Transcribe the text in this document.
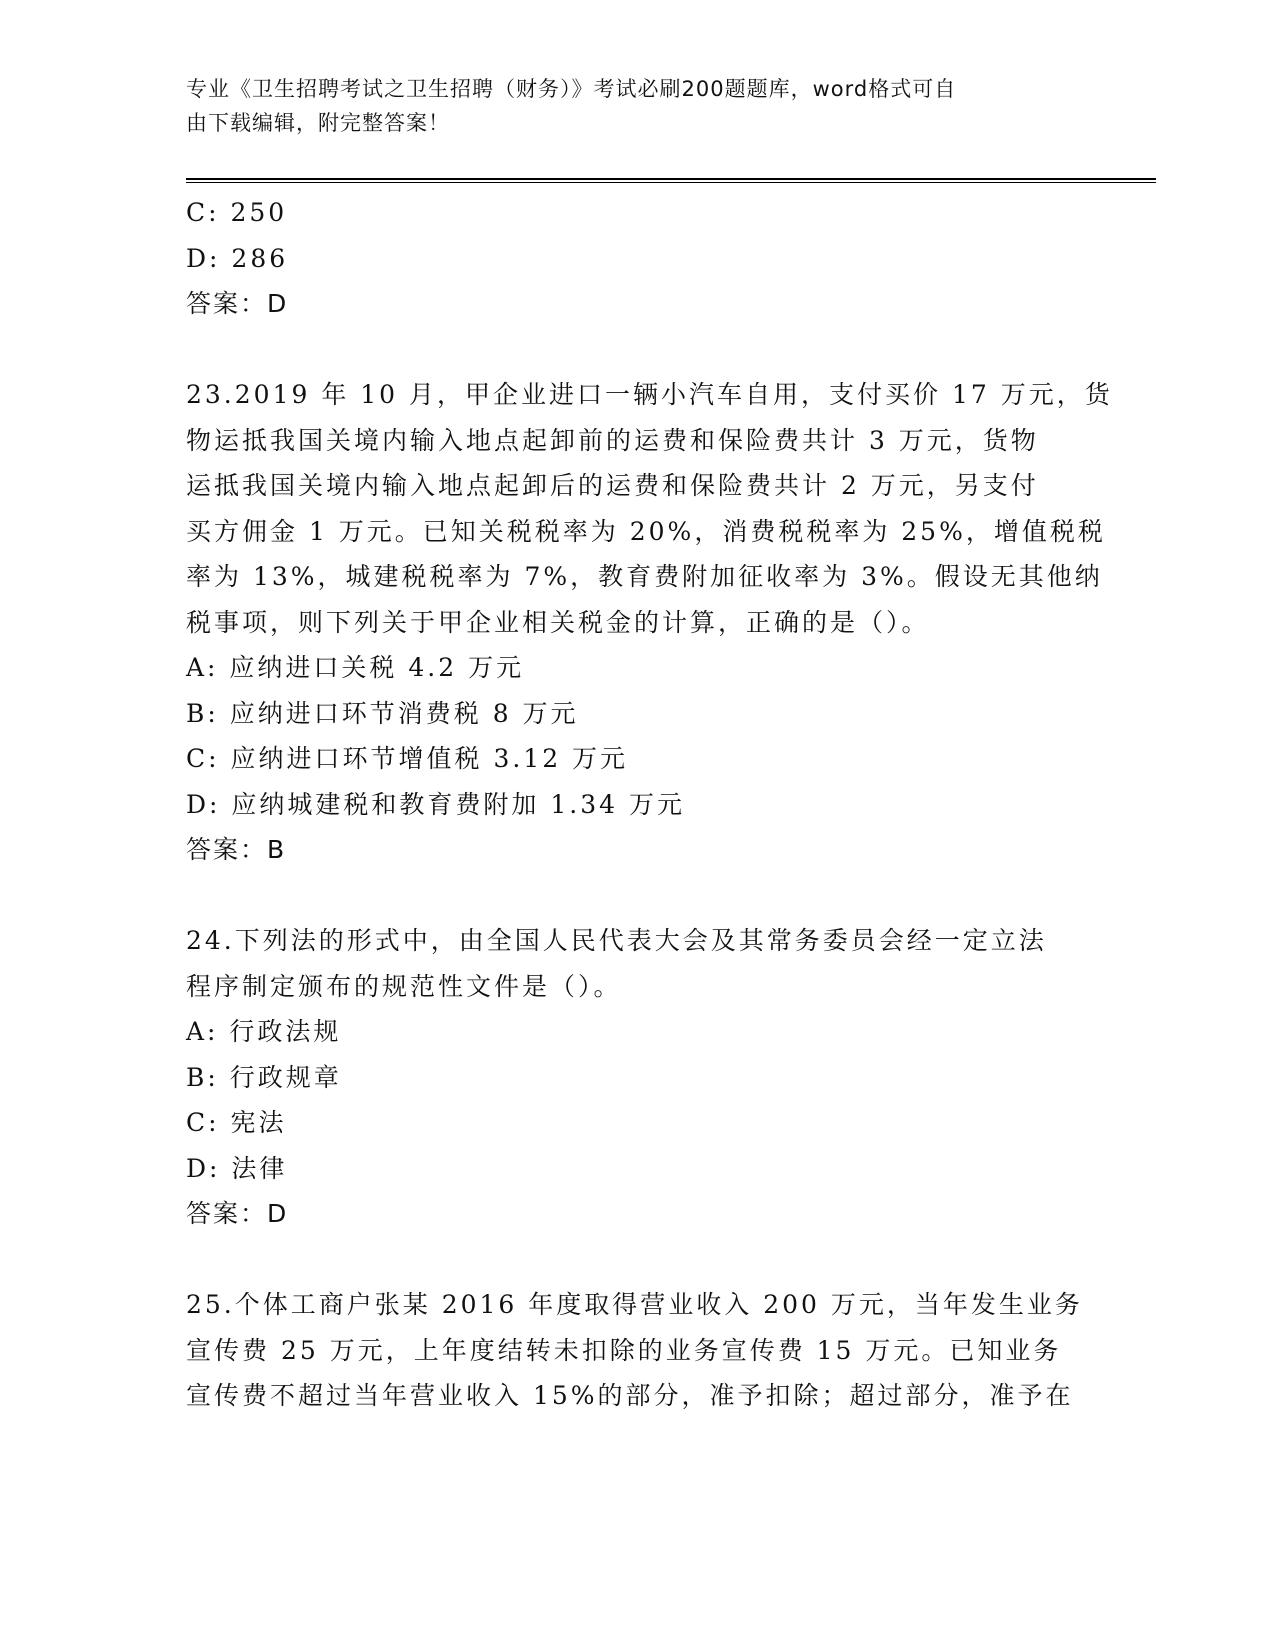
专业《卫生招聘考试之卫生招聘（财务）》考试必刷200题题库，word格式可自
由下载编辑，附完整答案！
C: 250
D: 286
答案：D
23.2019 年 10 月，甲企业进口一辆小汽车自用，支付买价 17 万元，货
物运抵我国关境内输入地点起卸前的运费和保险费共计 3 万元，货物
运抵我国关境内输入地点起卸后的运费和保险费共计 2 万元，另支付
买方佣金 1 万元。已知关税税率为 20%，消费税税率为 25%，增值税税
率为 13%，城建税税率为 7%，教育费附加征收率为 3%。假设无其他纳
税事项，则下列关于甲企业相关税金的计算，正确的是（）。
A: 应纳进口关税 4.2 万元
B: 应纳进口环节消费税 8 万元
C: 应纳进口环节增值税 3.12 万元
D: 应纳城建税和教育费附加 1.34 万元
答案：B
24.下列法的形式中，由全国人民代表大会及其常务委员会经一定立法
程序制定颁布的规范性文件是（）。
A: 行政法规
B: 行政规章
C: 宪法
D: 法律
答案：D
25.个体工商户张某 2016 年度取得营业收入 200 万元，当年发生业务
宣传费 25 万元，上年度结转未扣除的业务宣传费 15 万元。已知业务
宣传费不超过当年营业收入 15%的部分，准予扣除；超过部分，准予在
